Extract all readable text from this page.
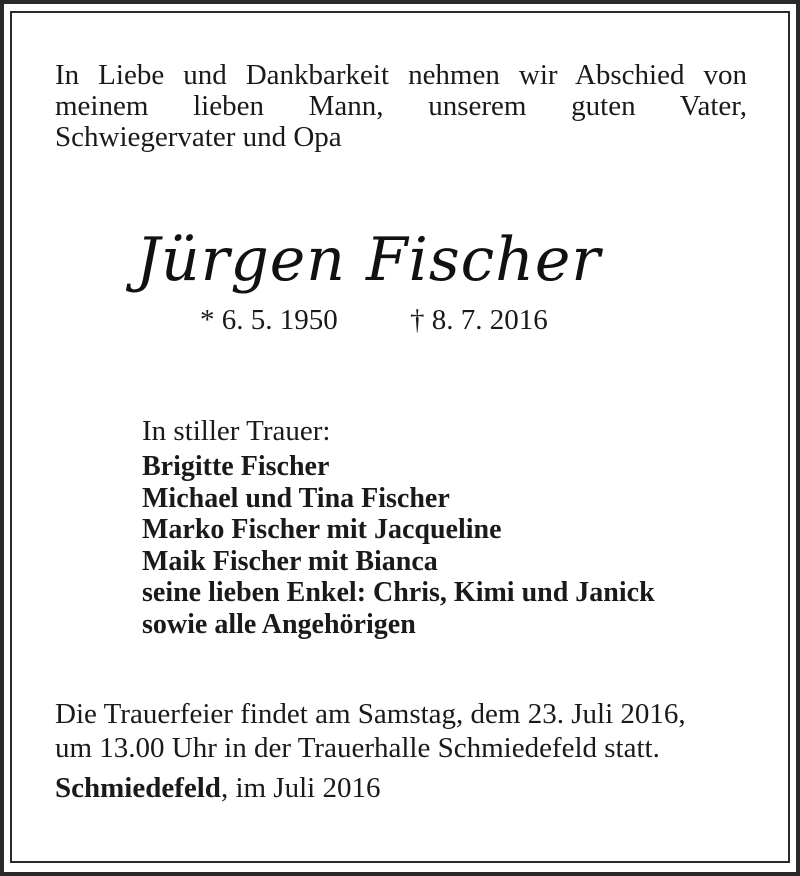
In Liebe und Dankbarkeit nehmen wir Abschied von
meinem lieben Mann, unserem guten Vater,
Schwiegervater und Opa

Jürgen Fischer

* 6. 5. 1950 † 8. 7. 2016

In stiller Trauer:

Brigitte Fischer
Michael und Tina Fischer
Marko Fischer mit Jacqueline
Maik Fischer mit Bianca
seine lieben Enkel: Chris, Kimi und Janick
sowie alle Angehörigen

Die Trauerfeier findet am Samstag, dem 23. Juli 2016,
um 13.00 Uhr in der Trauerhalle Schmiedefeld statt.

Schmiedefeld, im Juli 2016
